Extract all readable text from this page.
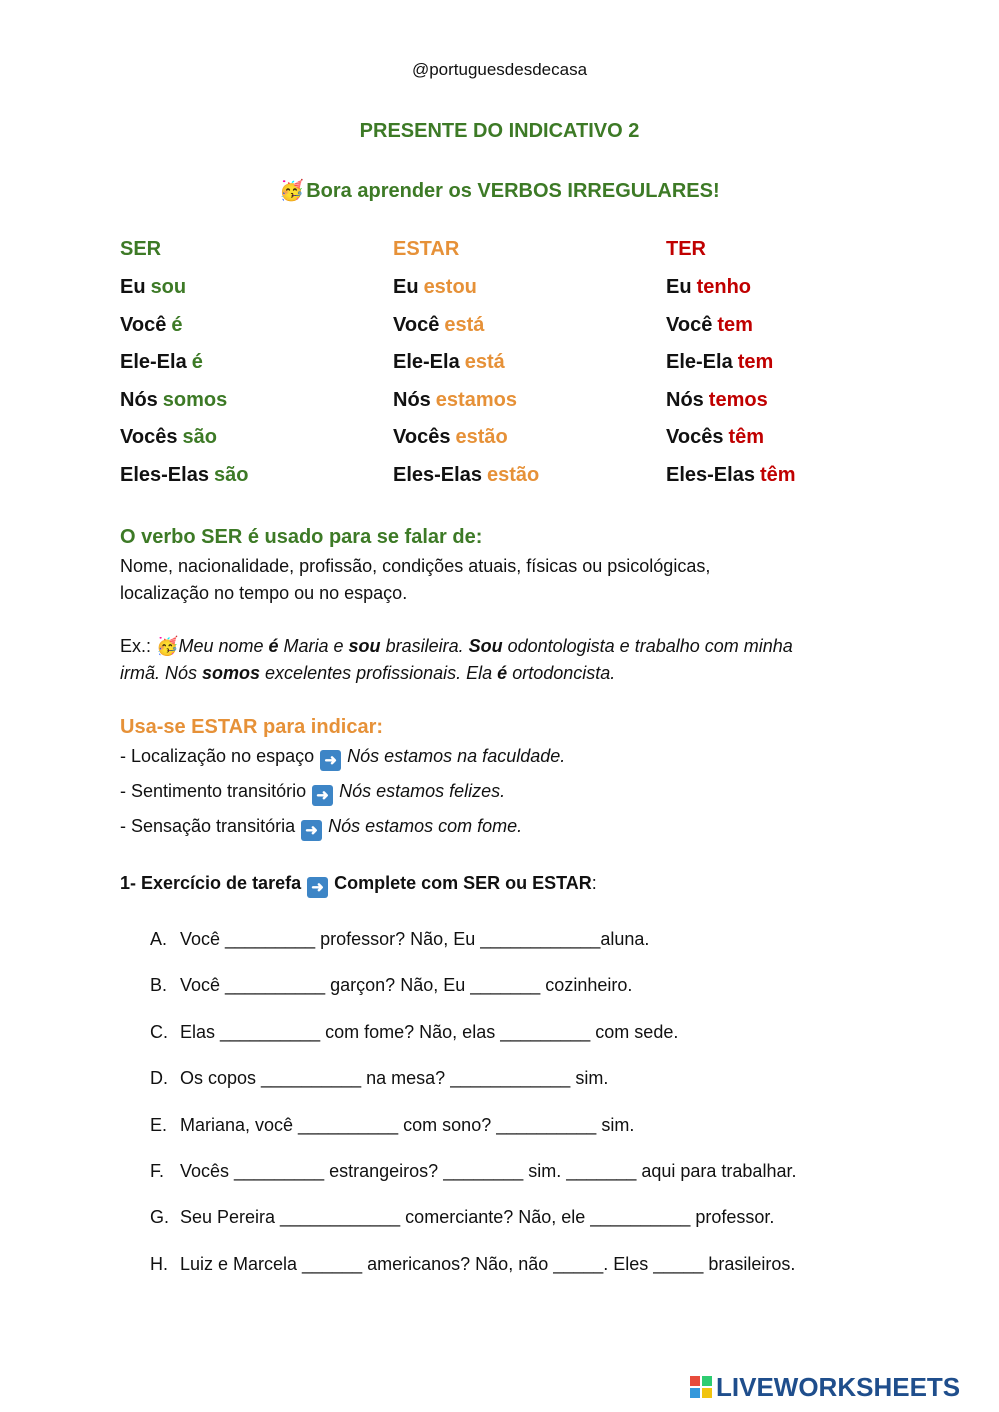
@portuguesdesdecasa
PRESENTE DO INDICATIVO 2
🥳 Bora aprender os VERBOS IRREGULARES!
SER
Eu sou
Você é
Ele-Ela é
Nós somos
Vocês são
Eles-Elas são
ESTAR
Eu estou
Você está
Ele-Ela está
Nós estamos
Vocês estão
Eles-Elas estão
TER
Eu tenho
Você tem
Ele-Ela tem
Nós temos
Vocês têm
Eles-Elas têm
O verbo SER é usado para se falar de:
Nome, nacionalidade, profissão, condições atuais, físicas ou psicológicas, localização no tempo ou no espaço.
Ex.: 🥳Meu nome é Maria e sou brasileira. Sou odontologista e trabalho com minha irmã. Nós somos excelentes profissionais. Ela é ortodoncista.
Usa-se ESTAR para indicar:
- Localização no espaço ➜ Nós estamos na faculdade.
- Sentimento transitório ➜ Nós estamos felizes.
- Sensação transitória ➜ Nós estamos com fome.
1- Exercício de tarefa ➜ Complete com SER ou ESTAR:
A. Você _________ professor? Não, Eu ____________aluna.
B. Você __________ garçon? Não, Eu _______ cozinheiro.
C. Elas __________ com fome? Não, elas _________ com sede.
D. Os copos __________ na mesa? ____________ sim.
E. Mariana, você __________ com sono? __________ sim.
F. Vocês _________ estrangeiros? ________ sim. _______ aqui para trabalhar.
G. Seu Pereira ____________ comerciante? Não, ele __________ professor.
H. Luiz e Marcela ______ americanos? Não, não _____. Eles _____ brasileiros.
LIVEWORKSHEETS
